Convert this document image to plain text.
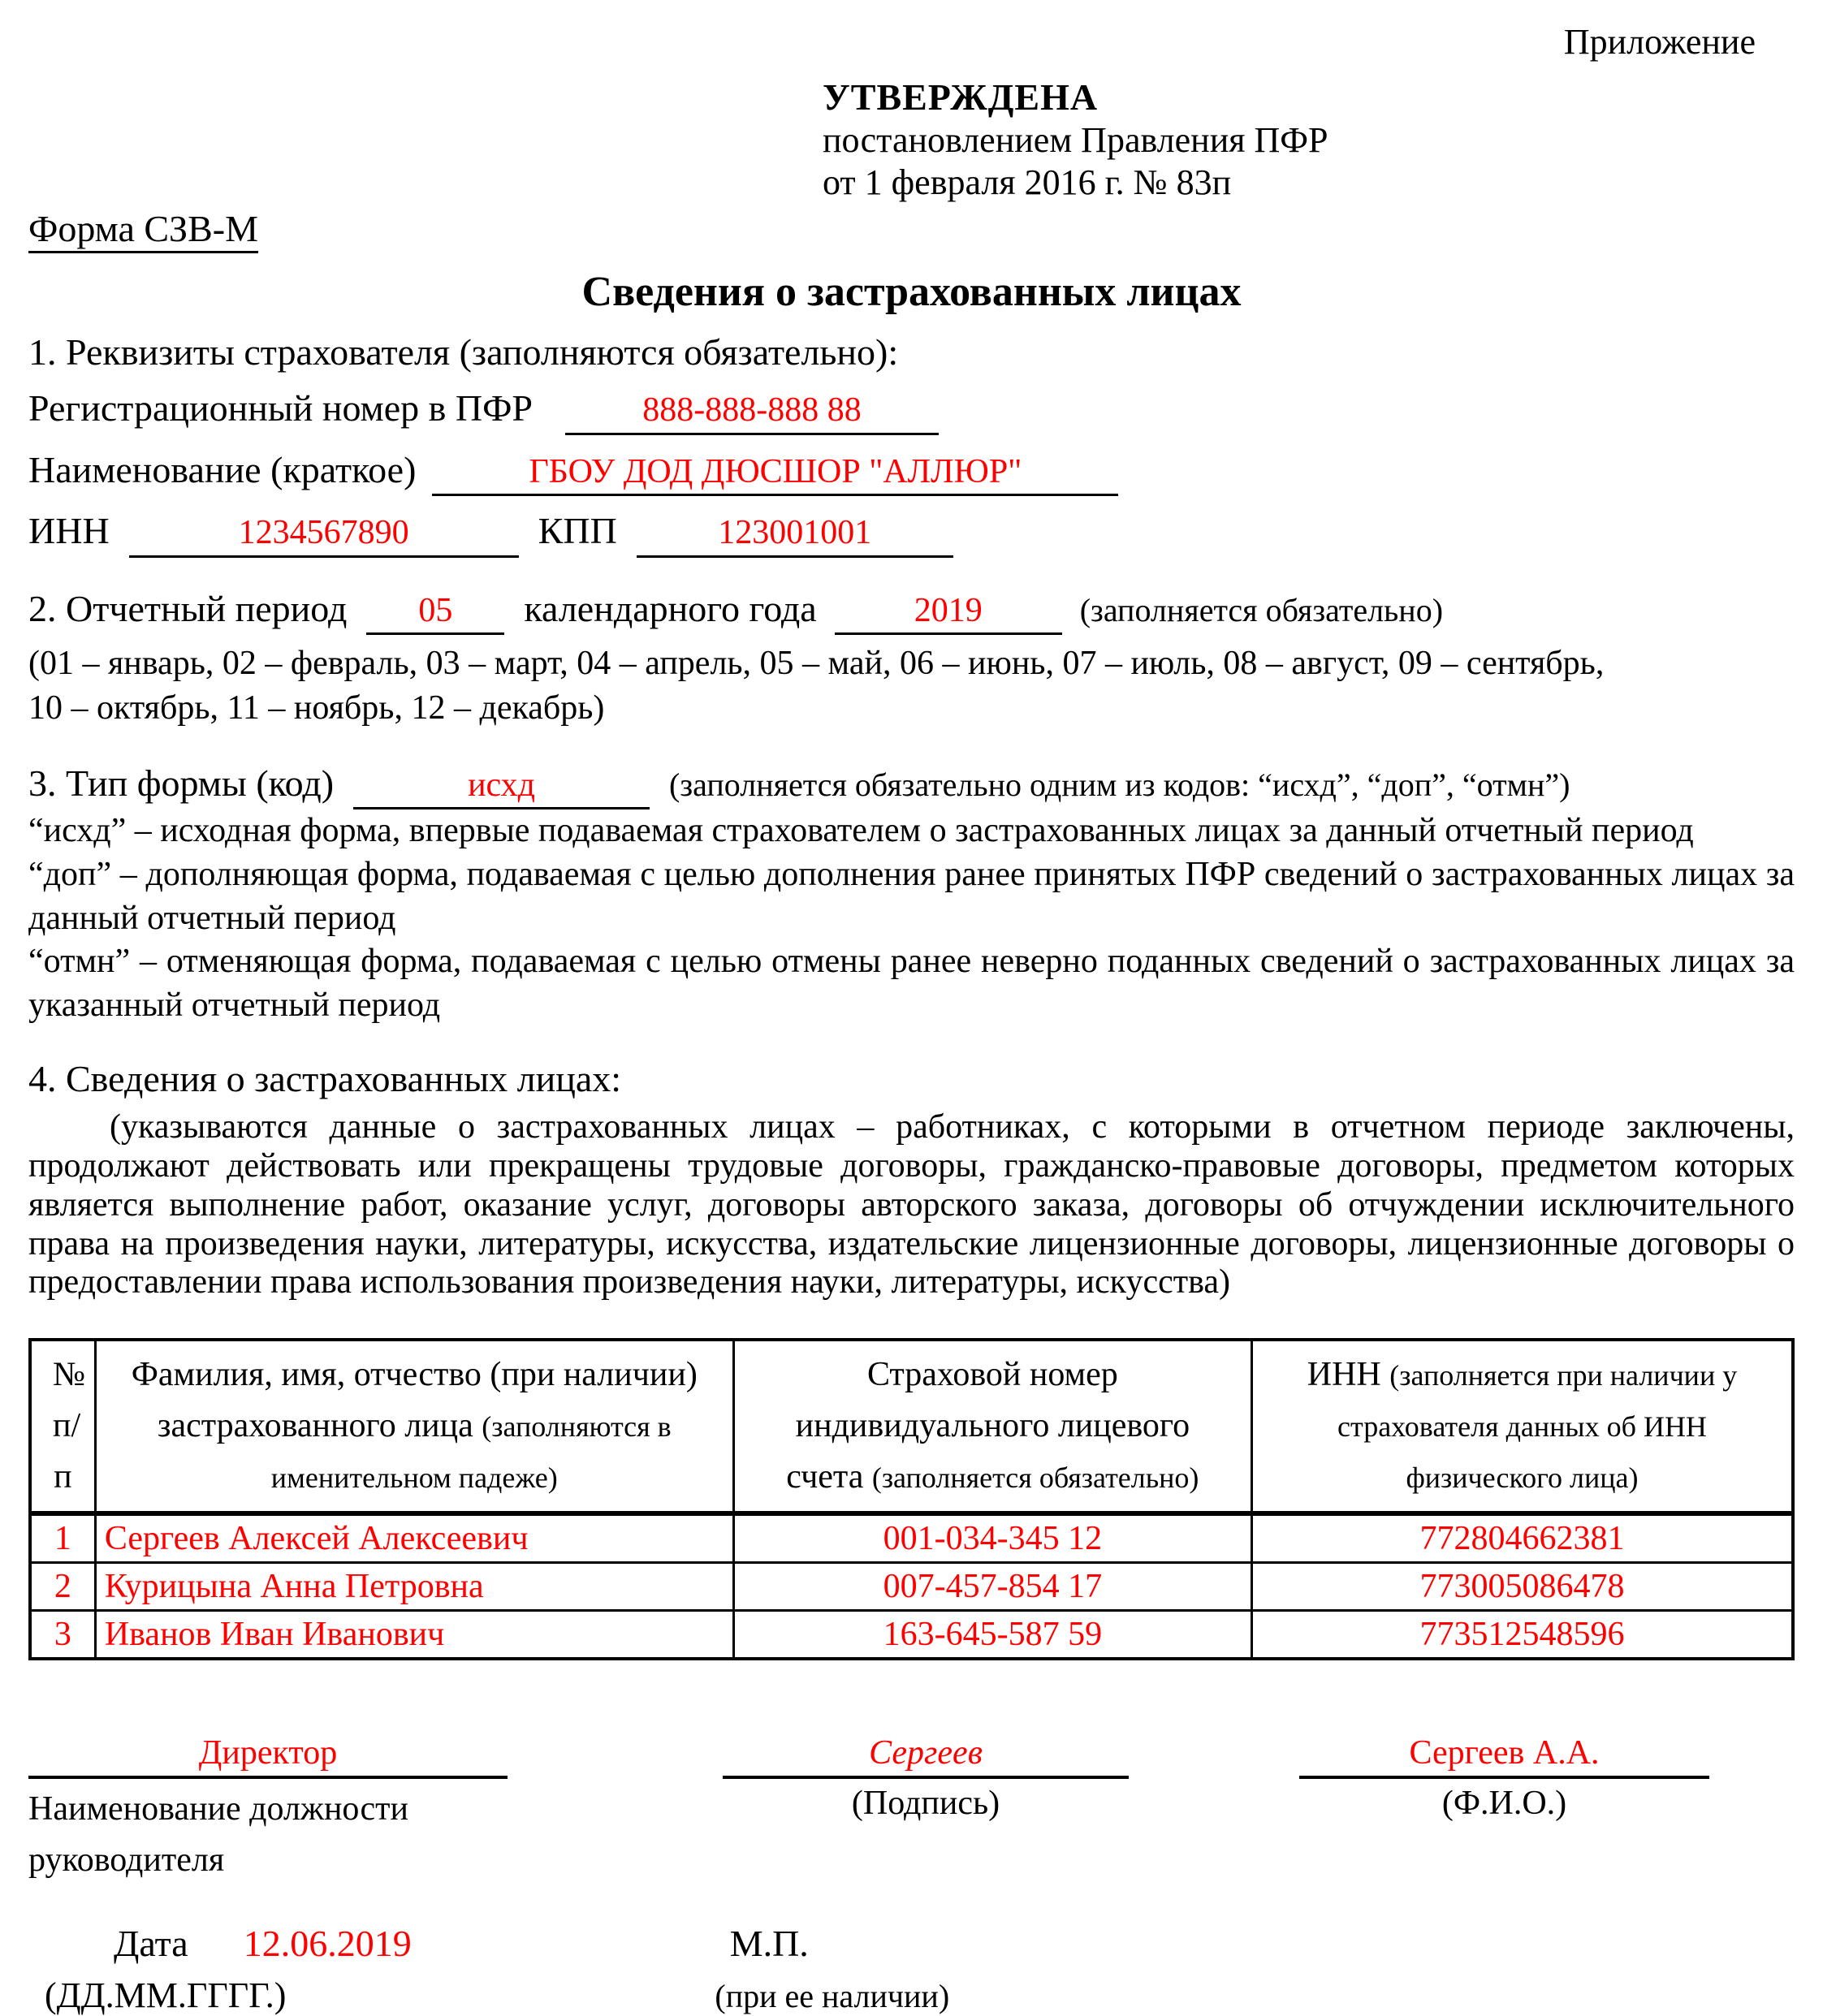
Приложение
УТВЕРЖДЕНА
постановлением Правления ПФР
от 1 февраля 2016 г. № 83п
Форма СЗВ-М
Сведения о застрахованных лицах
1. Реквизиты страхователя (заполняются обязательно):
Регистрационный номер в ПФР	888-888-888 88
Наименование (краткое)	ГБОУ ДОД ДЮСШОР "АЛЛЮР"
ИНН	1234567890	КПП	123001001
2. Отчетный период 05 календарного года	2019	(заполняется обязательно)
(01 – январь, 02 – февраль, 03 – март, 04 – апрель, 05 – май, 06 – июнь, 07 – июль, 08 – август, 09 – сентябрь,
10 – октябрь, 11 – ноябрь, 12 – декабрь)
3. Тип формы (код)	исхд	(заполняется обязательно одним из кодов: “исхд”, “доп”, “отмн”)
“исхд” – исходная форма, впервые подаваемая страхователем о застрахованных лицах за данный отчетный период
“доп” – дополняющая форма, подаваемая с целью дополнения ранее принятых ПФР сведений о застрахованных лицах за данный отчетный период
“отмн” – отменяющая форма, подаваемая с целью отмены ранее неверно поданных сведений о застрахованных лицах за указанный отчетный период
4. Сведения о застрахованных лицах:
(указываются данные о застрахованных лицах – работниках, с которыми в отчетном периоде заключены, продолжают действовать или прекращены трудовые договоры, гражданско-правовые договоры, предметом которых является выполнение работ, оказание услуг, договоры авторского заказа, договоры об отчуждении исключительного права на произведения науки, литературы, искусства, издательские лицензионные договоры, лицензионные договоры о предоставлении права использования произведения науки, литературы, искусства)
№
п/п	Фамилия, имя, отчество (при наличии) застрахованного лица (заполняются в именительном падеже)	Страховой номер индивидуального лицевого счета (заполняется обязательно)	ИНН (заполняется при наличии у страхователя данных об ИНН физического лица)
1	Сергеев Алексей Алексеевич	001-034-345 12	772804662381
2	Курицына Анна Петровна	007-457-854 17	773005086478
3	Иванов Иван Иванович	163-645-587 59	773512548596
Директор
Наименование должности
руководителя
Сергеев
(Подпись)
Сергеев А.А.
(Ф.И.О.)
Дата 12.06.2019	М.П.
(ДД.ММ.ГГГГ.)	(при ее наличии)
